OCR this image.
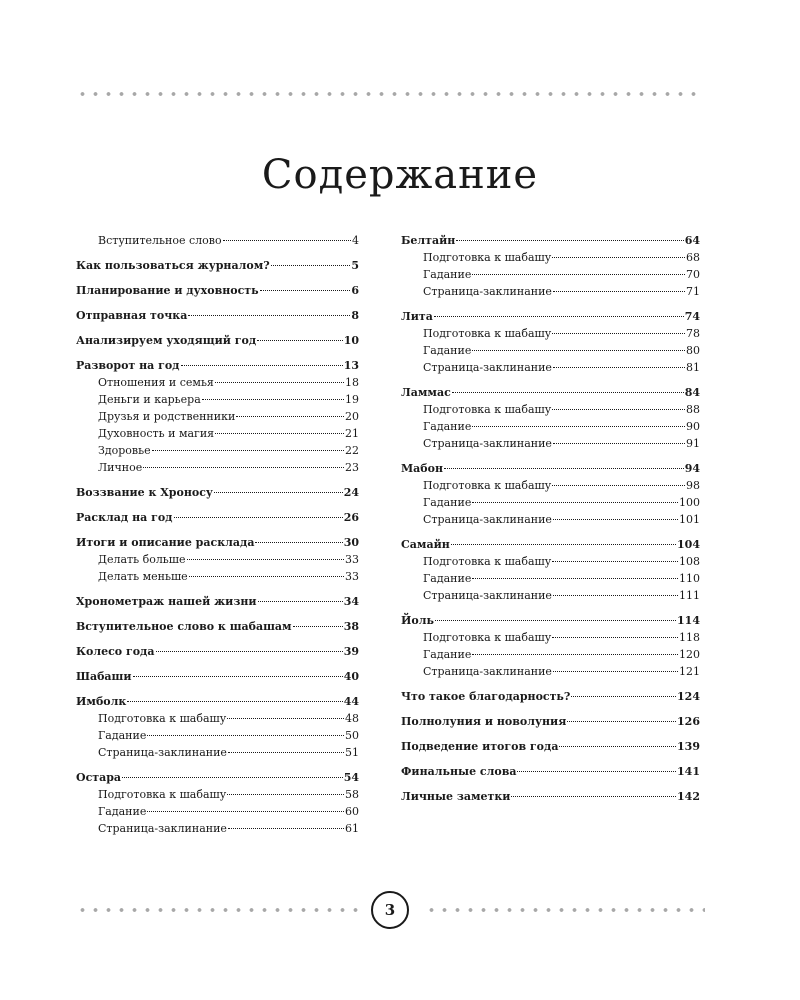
Содержание
Вступительное слово	4
Как пользоваться журналом?	5
Планирование и духовность	6
Отправная точка	8
Анализируем уходящий год	10
Разворот на год	13
Отношения и семья	18
Деньги и карьера	19
Друзья и родственники	20
Духовность и магия	21
Здоровье	22
Личное	23
Воззвание к Хроносу	24
Расклад на год	26
Итоги и описание расклада	30
Делать больше	33
Делать меньше	33
Хронометраж нашей жизни	34
Вступительное слово к шабашам	38
Колесо года	39
Шабаши	40
Имболк	44
Подготовка к шабашу	48
Гадание	50
Страница-заклинание	51
Остара	54
Подготовка к шабашу	58
Гадание	60
Страница-заклинание	61
Белтайн	64
Подготовка к шабашу	68
Гадание	70
Страница-заклинание	71
Лита	74
Подготовка к шабашу	78
Гадание	80
Страница-заклинание	81
Ламмас	84
Подготовка к шабашу	88
Гадание	90
Страница-заклинание	91
Мабон	94
Подготовка к шабашу	98
Гадание	100
Страница-заклинание	101
Самайн	104
Подготовка к шабашу	108
Гадание	110
Страница-заклинание	111
Йоль	114
Подготовка к шабашу	118
Гадание	120
Страница-заклинание	121
Что такое благодарность?	124
Полнолуния и новолуния	126
Подведение итогов года	139
Финальные слова	141
Личные заметки	142
3
